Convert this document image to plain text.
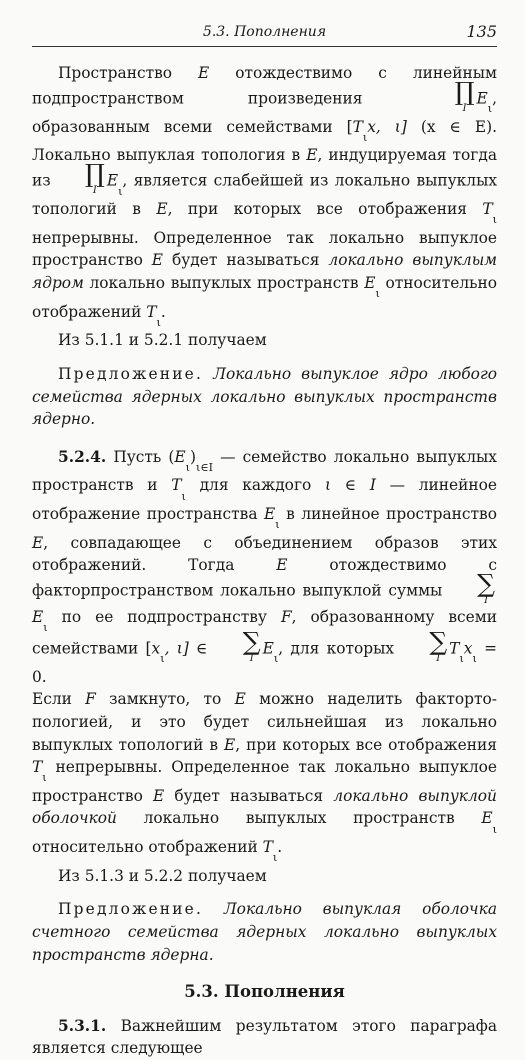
5.3. Пополнения	135

Пространство E отождествимо с линейным подпространством произведения	∏
I
$E_\iota$, образованным всеми семействами [$T_\iota x$, ι] (x ∈ E). Локально выпуклая топология в E, индуцируемая тогда из	∏
I
$E_\iota$, является слабейшей из локально выпуклых топологий в E, при которых все отображения $T_\iota$ непрерывны. Определенное так локально выпуклое пространство E будет называться локально выпуклым ядром локально выпуклых пространств $E_\iota$ относительно отображений $T_\iota$.

Из 5.1.1 и 5.2.1 получаем

Предложение. Локально выпуклое ядро любого семейства ядерных локально выпуклых пространств ядерно.

5.2.4. Пусть $(E_\iota)_{\iota\in I}$ — семейство локально выпуклых пространств и $T_\iota$ для каждого ι ∈ I — линейное отображение пространства $E_\iota$ в линейное пространство E, совпадающее с объединением образов этих отображений. Тогда E отождествимо с факторпространством локально выпуклой суммы	∑
I
$E_\iota$ по ее подпространству F, образованному всеми семействами [$x_\iota$, ι] ∈	∑
I
$E_\iota$, для которых	∑
I
$T_\iota x_\iota = 0$.

Если F замкнуто, то E можно наделить фактортопологией, и это будет сильнейшая из локально выпуклых топологий в E, при которых все отображения $T_\iota$ непрерывны. Определенное так локально выпуклое пространство E будет называться локально выпуклой оболочкой локально выпуклых пространств $E_\iota$ относительно отображений $T_\iota$.

Из 5.1.3 и 5.2.2 получаем

Предложение. Локально выпуклая оболочка счетного семейства ядерных локально выпуклых пространств ядерна.

5.3. Пополнения

5.3.1. Важнейшим результатом этого параграфа является следующее
